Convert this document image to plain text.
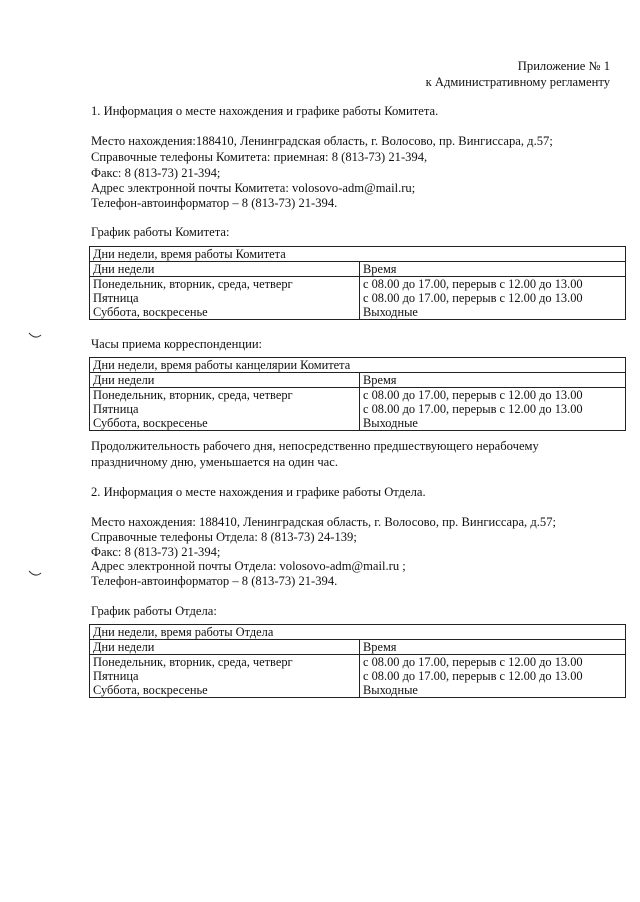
Приложение № 1
к Административному регламенту
1. Информация о месте нахождения и графике работы Комитета.
Место нахождения:188410, Ленинградская область, г. Волосово, пр. Вингиссара, д.57;
Справочные телефоны Комитета: приемная: 8 (813-73) 21-394,
Факс: 8 (813-73) 21-394;
Адрес электронной почты Комитета: volosovo-adm@mail.ru;
Телефон-автоинформатор – 8 (813-73) 21-394.
График работы Комитета:
Дни недели, время работы Комитета	
Дни недели	Время
Понедельник, вторник, среда, четверг	с 08.00 до 17.00, перерыв с 12.00 до 13.00
Пятница	с 08.00 до 17.00, перерыв с 12.00 до 13.00
Суббота, воскресенье	Выходные
Часы приема корреспонденции:
Дни недели, время работы канцелярии Комитета	
Дни недели	Время
Понедельник, вторник, среда, четверг	с 08.00 до 17.00, перерыв с 12.00 до 13.00
Пятница	с 08.00 до 17.00, перерыв с 12.00 до 13.00
Суббота, воскресенье	Выходные
Продолжительность рабочего дня, непосредственно предшествующего нерабочему
праздничному дню, уменьшается на один час.
2. Информация о месте нахождения и графике работы Отдела.
Место нахождения: 188410, Ленинградская область, г. Волосово, пр. Вингиссара, д.57;
Справочные телефоны Отдела: 8 (813-73) 24-139;
Факс: 8 (813-73) 21-394;
Адрес электронной почты Отдела: volosovo-adm@mail.ru ;
Телефон-автоинформатор – 8 (813-73) 21-394.
График работы Отдела:
Дни недели, время работы Отдела	
Дни недели	Время
Понедельник, вторник, среда, четверг	с 08.00 до 17.00, перерыв с 12.00 до 13.00
Пятница	с 08.00 до 17.00, перерыв с 12.00 до 13.00
Суббота, воскресенье	Выходные
